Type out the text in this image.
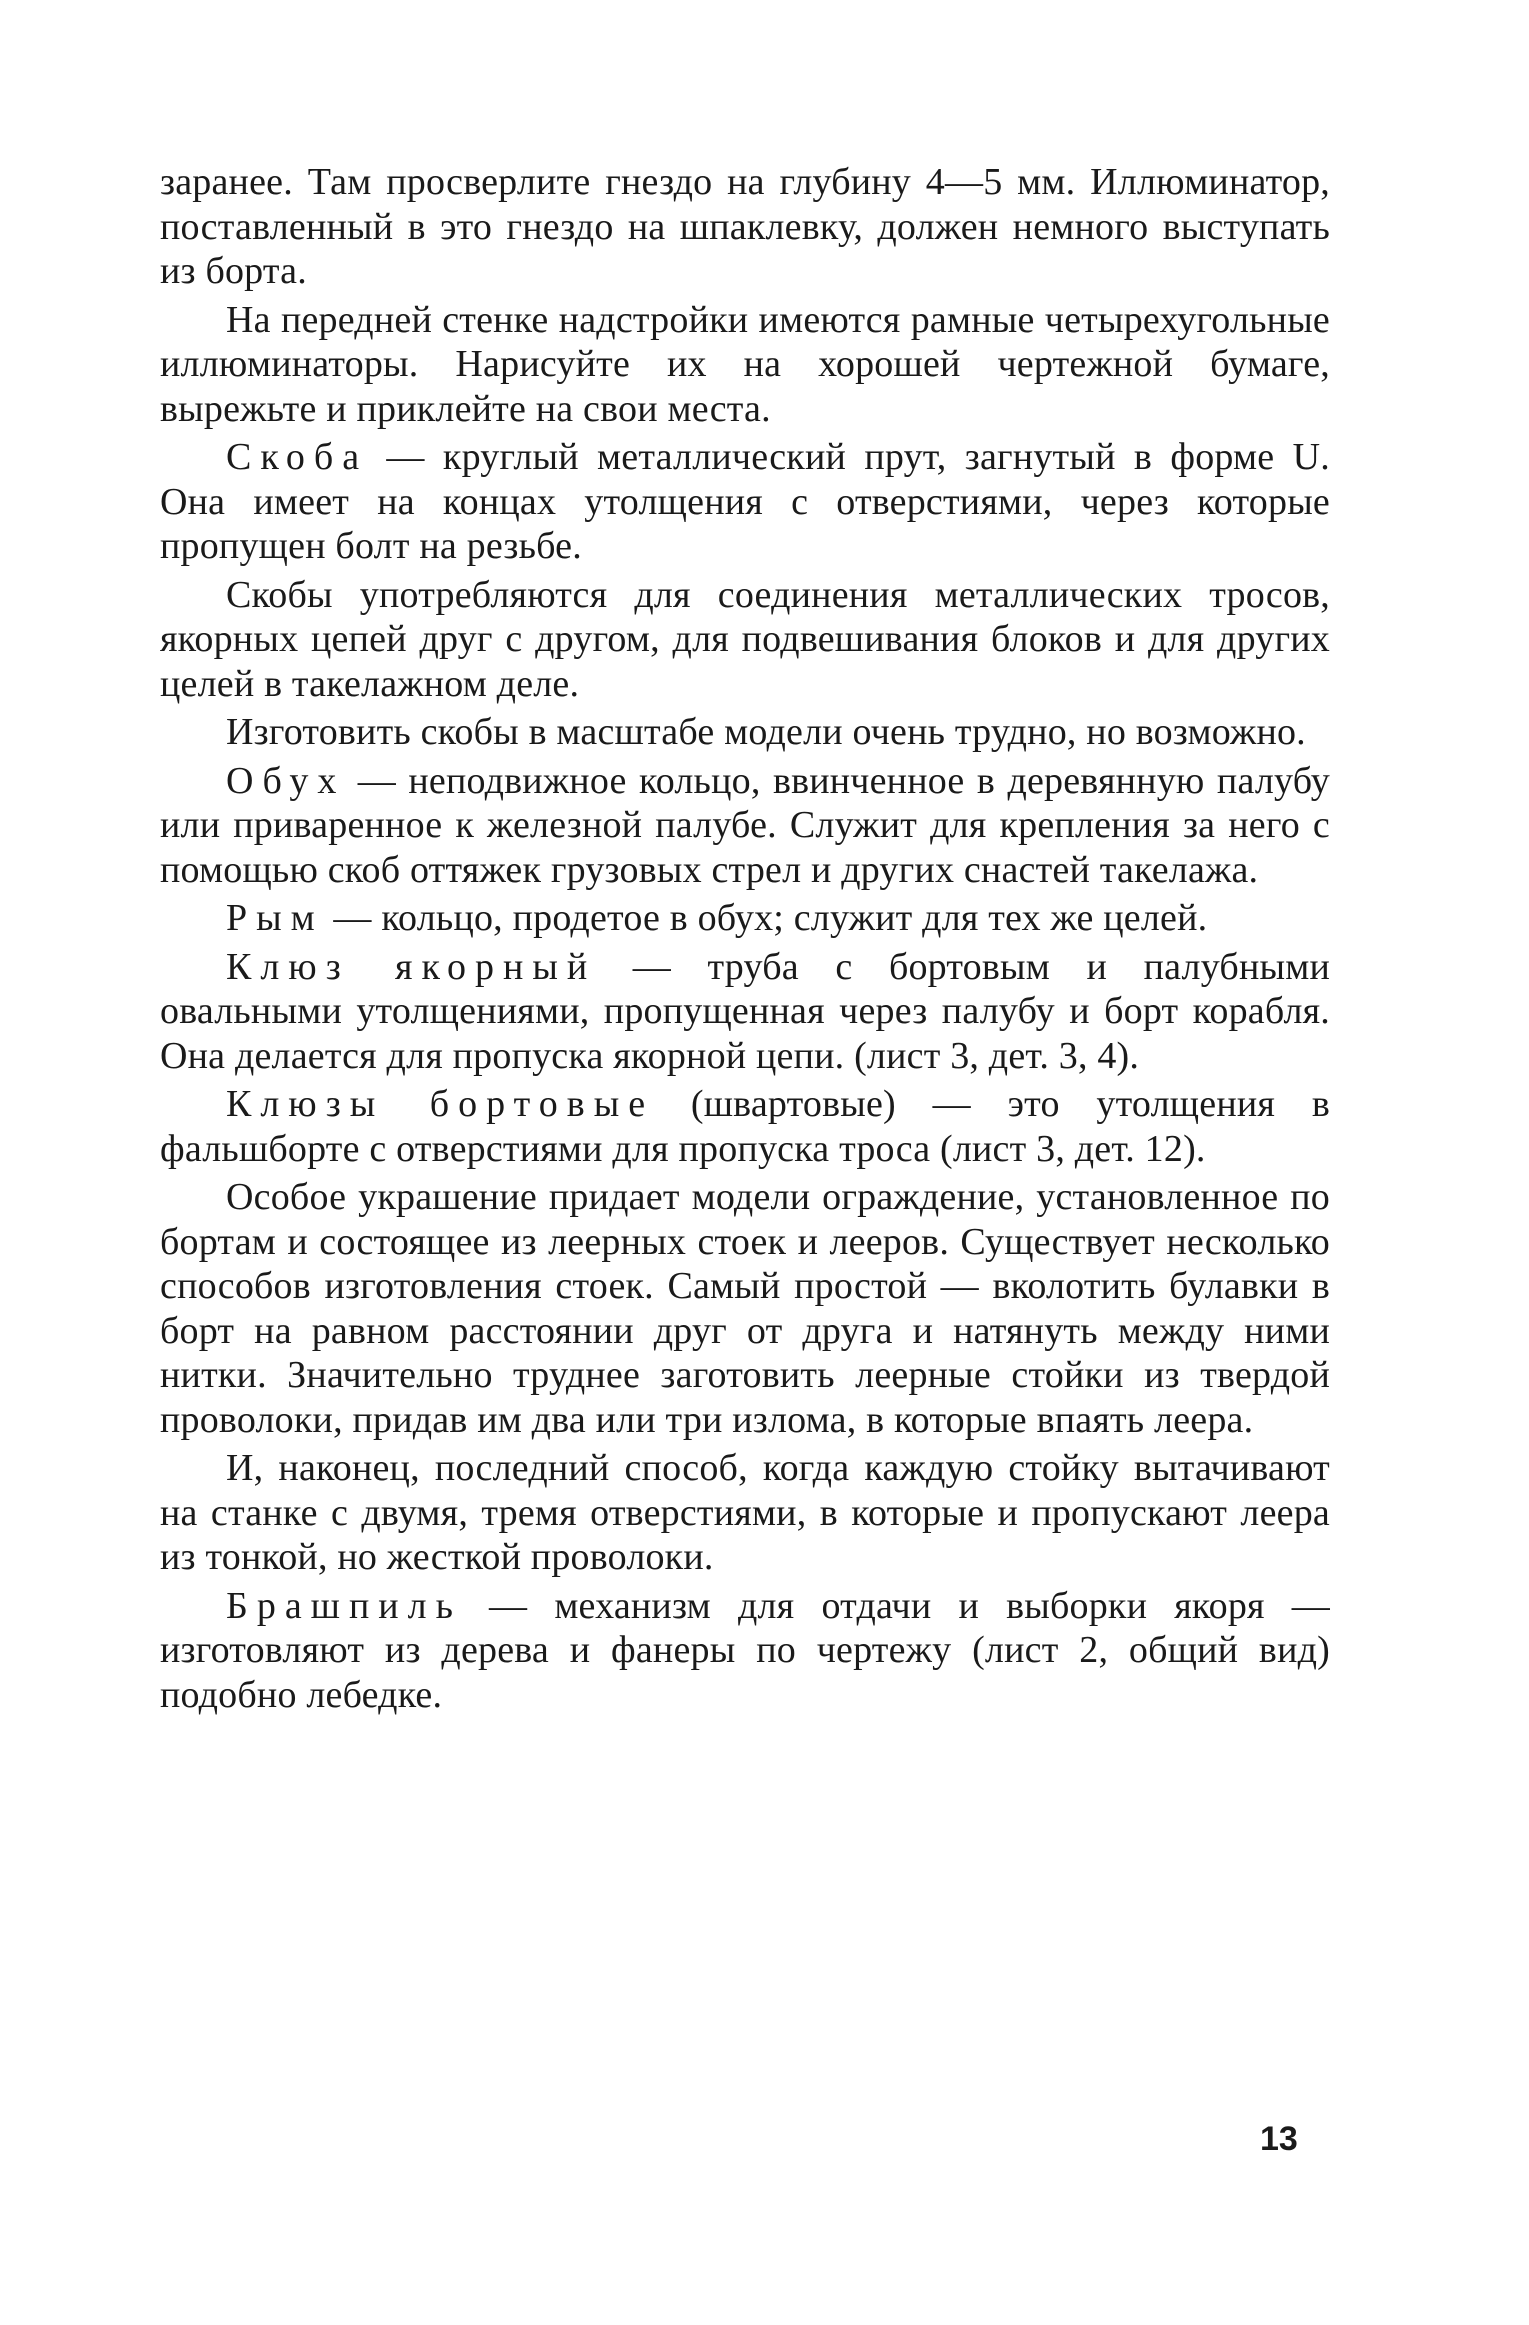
заранее. Там просверлите гнездо на глубину 4—5 мм. Иллюминатор, поставленный в это гнездо на шпаклевку, должен немного выступать из борта.

На передней стенке надстройки имеются рамные четырехугольные иллюминаторы. Нарисуйте их на хорошей чертежной бумаге, вырежьте и приклейте на свои места.

Скоба — круглый металлический прут, загнутый в форме U. Она имеет на концах утолщения с отверстиями, через которые пропущен болт на резьбе.

Скобы употребляются для соединения металлических тросов, якорных цепей друг с другом, для подвешивания блоков и для других целей в такелажном деле.

Изготовить скобы в масштабе модели очень трудно, но возможно.

Обух — неподвижное кольцо, ввинченное в деревянную палубу или приваренное к железной палубе. Служит для крепления за него с помощью скоб оттяжек грузовых стрел и других снастей такелажа.

Рым — кольцо, продетое в обух; служит для тех же целей.

Клюз якорный — труба с бортовым и палубными овальными утолщениями, пропущенная через палубу и борт корабля. Она делается для пропуска якорной цепи. (лист 3, дет. 3, 4).

Клюзы бортовые (швартовые) — это утолщения в фальшборте с отверстиями для пропуска троса (лист 3, дет. 12).

Особое украшение придает модели ограждение, установленное по бортам и состоящее из леерных стоек и лееров. Существует несколько способов изготовления стоек. Самый простой — вколотить булавки в борт на равном расстоянии друг от друга и натянуть между ними нитки. Значительно труднее заготовить леерные стойки из твердой проволоки, придав им два или три излома, в которые впаять леера.

И, наконец, последний способ, когда каждую стойку вытачивают на станке с двумя, тремя отверстиями, в которые и пропускают леера из тонкой, но жесткой проволоки.

Брашпиль — механизм для отдачи и выборки якоря — изготовляют из дерева и фанеры по чертежу (лист 2, общий вид) подобно лебедке.

13
